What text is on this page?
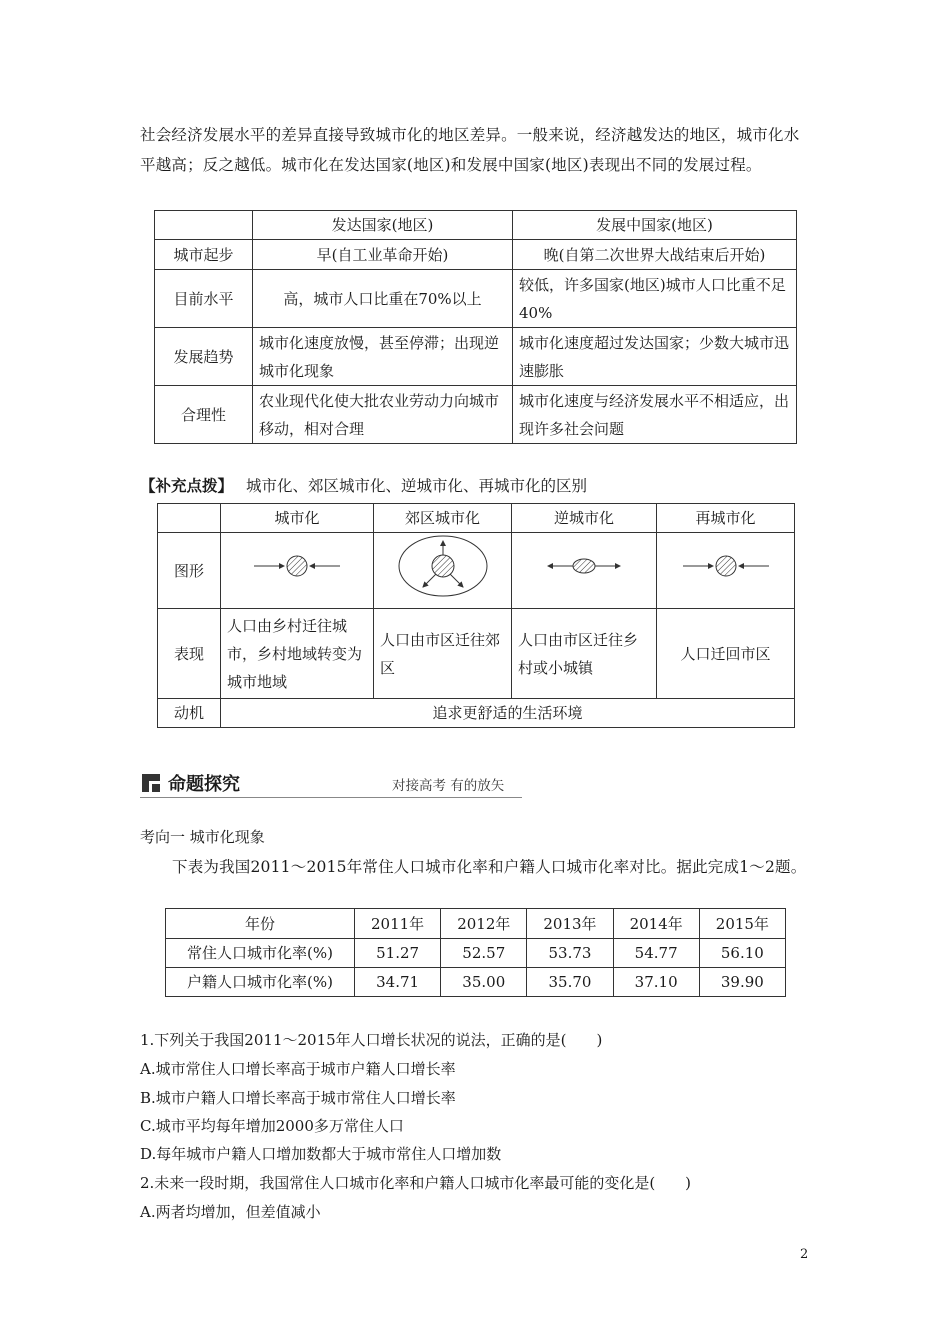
社会经济发展水平的差异直接导致城市化的地区差异。一般来说，经济越发达的地区，城市化水平越高；反之越低。城市化在发达国家(地区)和发展中国家(地区)表现出不同的发展过程。
	发达国家(地区)	发展中国家(地区)
城市起步	早(自工业革命开始)	晚(自第二次世界大战结束后开始)
目前水平	高，城市人口比重在70%以上	较低，许多国家(地区)城市人口比重不足40%
发展趋势	城市化速度放慢，甚至停滞；出现逆城市化现象	城市化速度超过发达国家；少数大城市迅速膨胀
合理性	农业现代化使大批农业劳动力向城市移动，相对合理	城市化速度与经济发展水平不相适应，出现许多社会问题
【补充点拨】 城市化、郊区城市化、逆城市化、再城市化的区别
	城市化	郊区城市化	逆城市化	再城市化
图形				
表现	人口由乡村迁往城市，乡村地域转变为城市地域	人口由市区迁往郊区	人口由市区迁往乡村或小城镇	人口迁回市区
动机	追求更舒适的生活环境			
命题探究	对接高考 有的放矢
考向一 城市化现象
下表为我国2011～2015年常住人口城市化率和户籍人口城市化率对比。据此完成1～2题。
年份	2011年	2012年	2013年	2014年	2015年
常住人口城市化率(%)	51.27	52.57	53.73	54.77	56.10
户籍人口城市化率(%)	34.71	35.00	35.70	37.10	39.90
1.下列关于我国2011～2015年人口增长状况的说法，正确的是(　　)
A.城市常住人口增长率高于城市户籍人口增长率
B.城市户籍人口增长率高于城市常住人口增长率
C.城市平均每年增加2000多万常住人口
D.每年城市户籍人口增加数都大于城市常住人口增加数
2.未来一段时期，我国常住人口城市化率和户籍人口城市化率最可能的变化是(　　)
A.两者均增加，但差值减小
2
